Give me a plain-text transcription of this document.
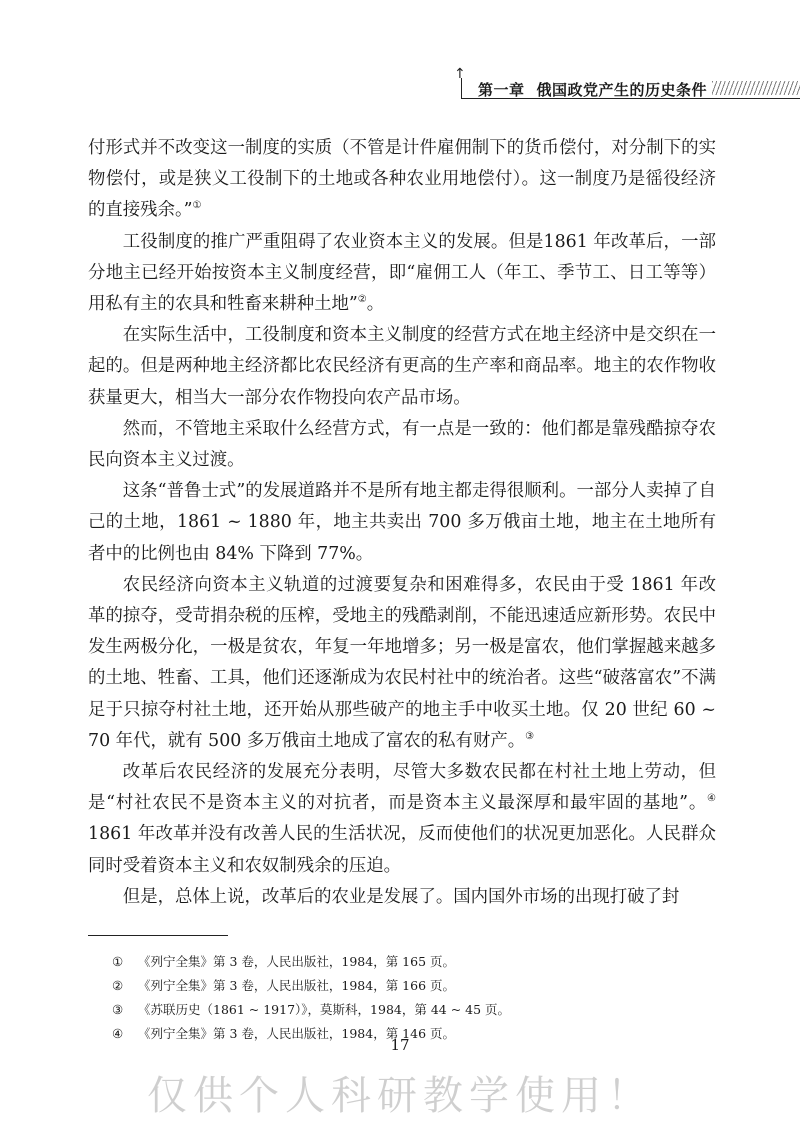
↑
第一章 俄国政党产生的历史条件

付形式并不改变这一制度的实质（不管是计件雇佣制下的货币偿付，对分制下的实物偿付，或是狭义工役制下的土地或各种农业用地偿付）。这一制度乃是徭役经济的直接残余。”①

工役制度的推广严重阻碍了农业资本主义的发展。但是1861 年改革后，一部分地主已经开始按资本主义制度经营，即“雇佣工人（年工、季节工、日工等等）用私有主的农具和牲畜来耕种土地”②。

在实际生活中，工役制度和资本主义制度的经营方式在地主经济中是交织在一起的。但是两种地主经济都比农民经济有更高的生产率和商品率。地主的农作物收获量更大，相当大一部分农作物投向农产品市场。

然而，不管地主采取什么经营方式，有一点是一致的：他们都是靠残酷掠夺农民向资本主义过渡。

这条“普鲁士式”的发展道路并不是所有地主都走得很顺利。一部分人卖掉了自己的土地，1861 ~ 1880 年，地主共卖出 700 多万俄亩土地，地主在土地所有者中的比例也由 84% 下降到 77%。

农民经济向资本主义轨道的过渡要复杂和困难得多，农民由于受 1861 年改革的掠夺，受苛捐杂税的压榨，受地主的残酷剥削，不能迅速适应新形势。农民中发生两极分化，一极是贫农，年复一年地增多；另一极是富农，他们掌握越来越多的土地、牲畜、工具，他们还逐渐成为农民村社中的统治者。这些“破落富农”不满足于只掠夺村社土地，还开始从那些破产的地主手中收买土地。仅 20 世纪 60 ~ 70 年代，就有 500 多万俄亩土地成了富农的私有财产。③

改革后农民经济的发展充分表明，尽管大多数农民都在村社土地上劳动，但是“村社农民不是资本主义的对抗者，而是资本主义最深厚和最牢固的基地”。④ 1861 年改革并没有改善人民的生活状况，反而使他们的状况更加恶化。人民群众同时受着资本主义和农奴制残余的压迫。

但是，总体上说，改革后的农业是发展了。国内国外市场的出现打破了封

① 《列宁全集》第 3 卷，人民出版社，1984，第 165 页。
② 《列宁全集》第 3 卷，人民出版社，1984，第 166 页。
③ 《苏联历史（1861 ~ 1917）》，莫斯科，1984，第 44 ~ 45 页。
④ 《列宁全集》第 3 卷，人民出版社，1984，第 146 页。
17
仅供个人科研教学使用！
